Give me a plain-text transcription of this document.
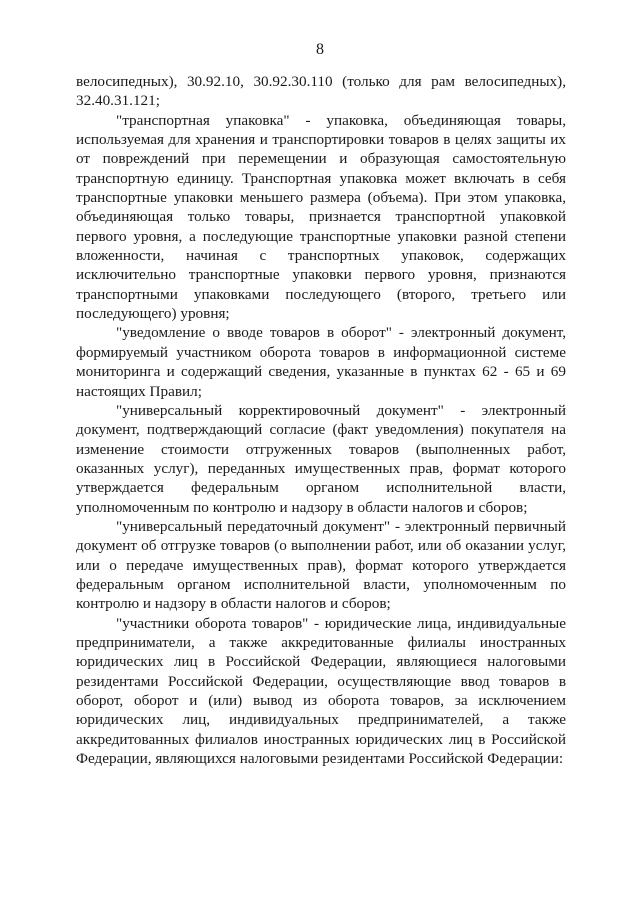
8

велосипедных), 30.92.10, 30.92.30.110 (только для рам велосипедных), 32.40.31.121;

"транспортная упаковка" - упаковка, объединяющая товары, используемая для хранения и транспортировки товаров в целях защиты их от повреждений при перемещении и образующая самостоятельную транспортную единицу. Транспортная упаковка может включать в себя транспортные упаковки меньшего размера (объема). При этом упаковка, объединяющая только товары, признается транспортной упаковкой первого уровня, а последующие транспортные упаковки разной степени вложенности, начиная с транспортных упаковок, содержащих исключительно транспортные упаковки первого уровня, признаются транспортными упаковками последующего (второго, третьего или последующего) уровня;

"уведомление о вводе товаров в оборот" - электронный документ, формируемый участником оборота товаров в информационной системе мониторинга и содержащий сведения, указанные в пунктах 62 - 65 и 69 настоящих Правил;

"универсальный корректировочный документ" - электронный документ, подтверждающий согласие (факт уведомления) покупателя на изменение стоимости отгруженных товаров (выполненных работ, оказанных услуг), переданных имущественных прав, формат которого утверждается федеральным органом исполнительной власти, уполномоченным по контролю и надзору в области налогов и сборов;

"универсальный передаточный документ" - электронный первичный документ об отгрузке товаров (о выполнении работ, или об оказании услуг, или о передаче имущественных прав), формат которого утверждается федеральным органом исполнительной власти, уполномоченным по контролю и надзору в области налогов и сборов;

"участники оборота товаров" - юридические лица, индивидуальные предприниматели, а также аккредитованные филиалы иностранных юридических лиц в Российской Федерации, являющиеся налоговыми резидентами Российской Федерации, осуществляющие ввод товаров в оборот, оборот и (или) вывод из оборота товаров, за исключением юридических лиц, индивидуальных предпринимателей, а также аккредитованных филиалов иностранных юридических лиц в Российской Федерации, являющихся налоговыми резидентами Российской Федерации:
